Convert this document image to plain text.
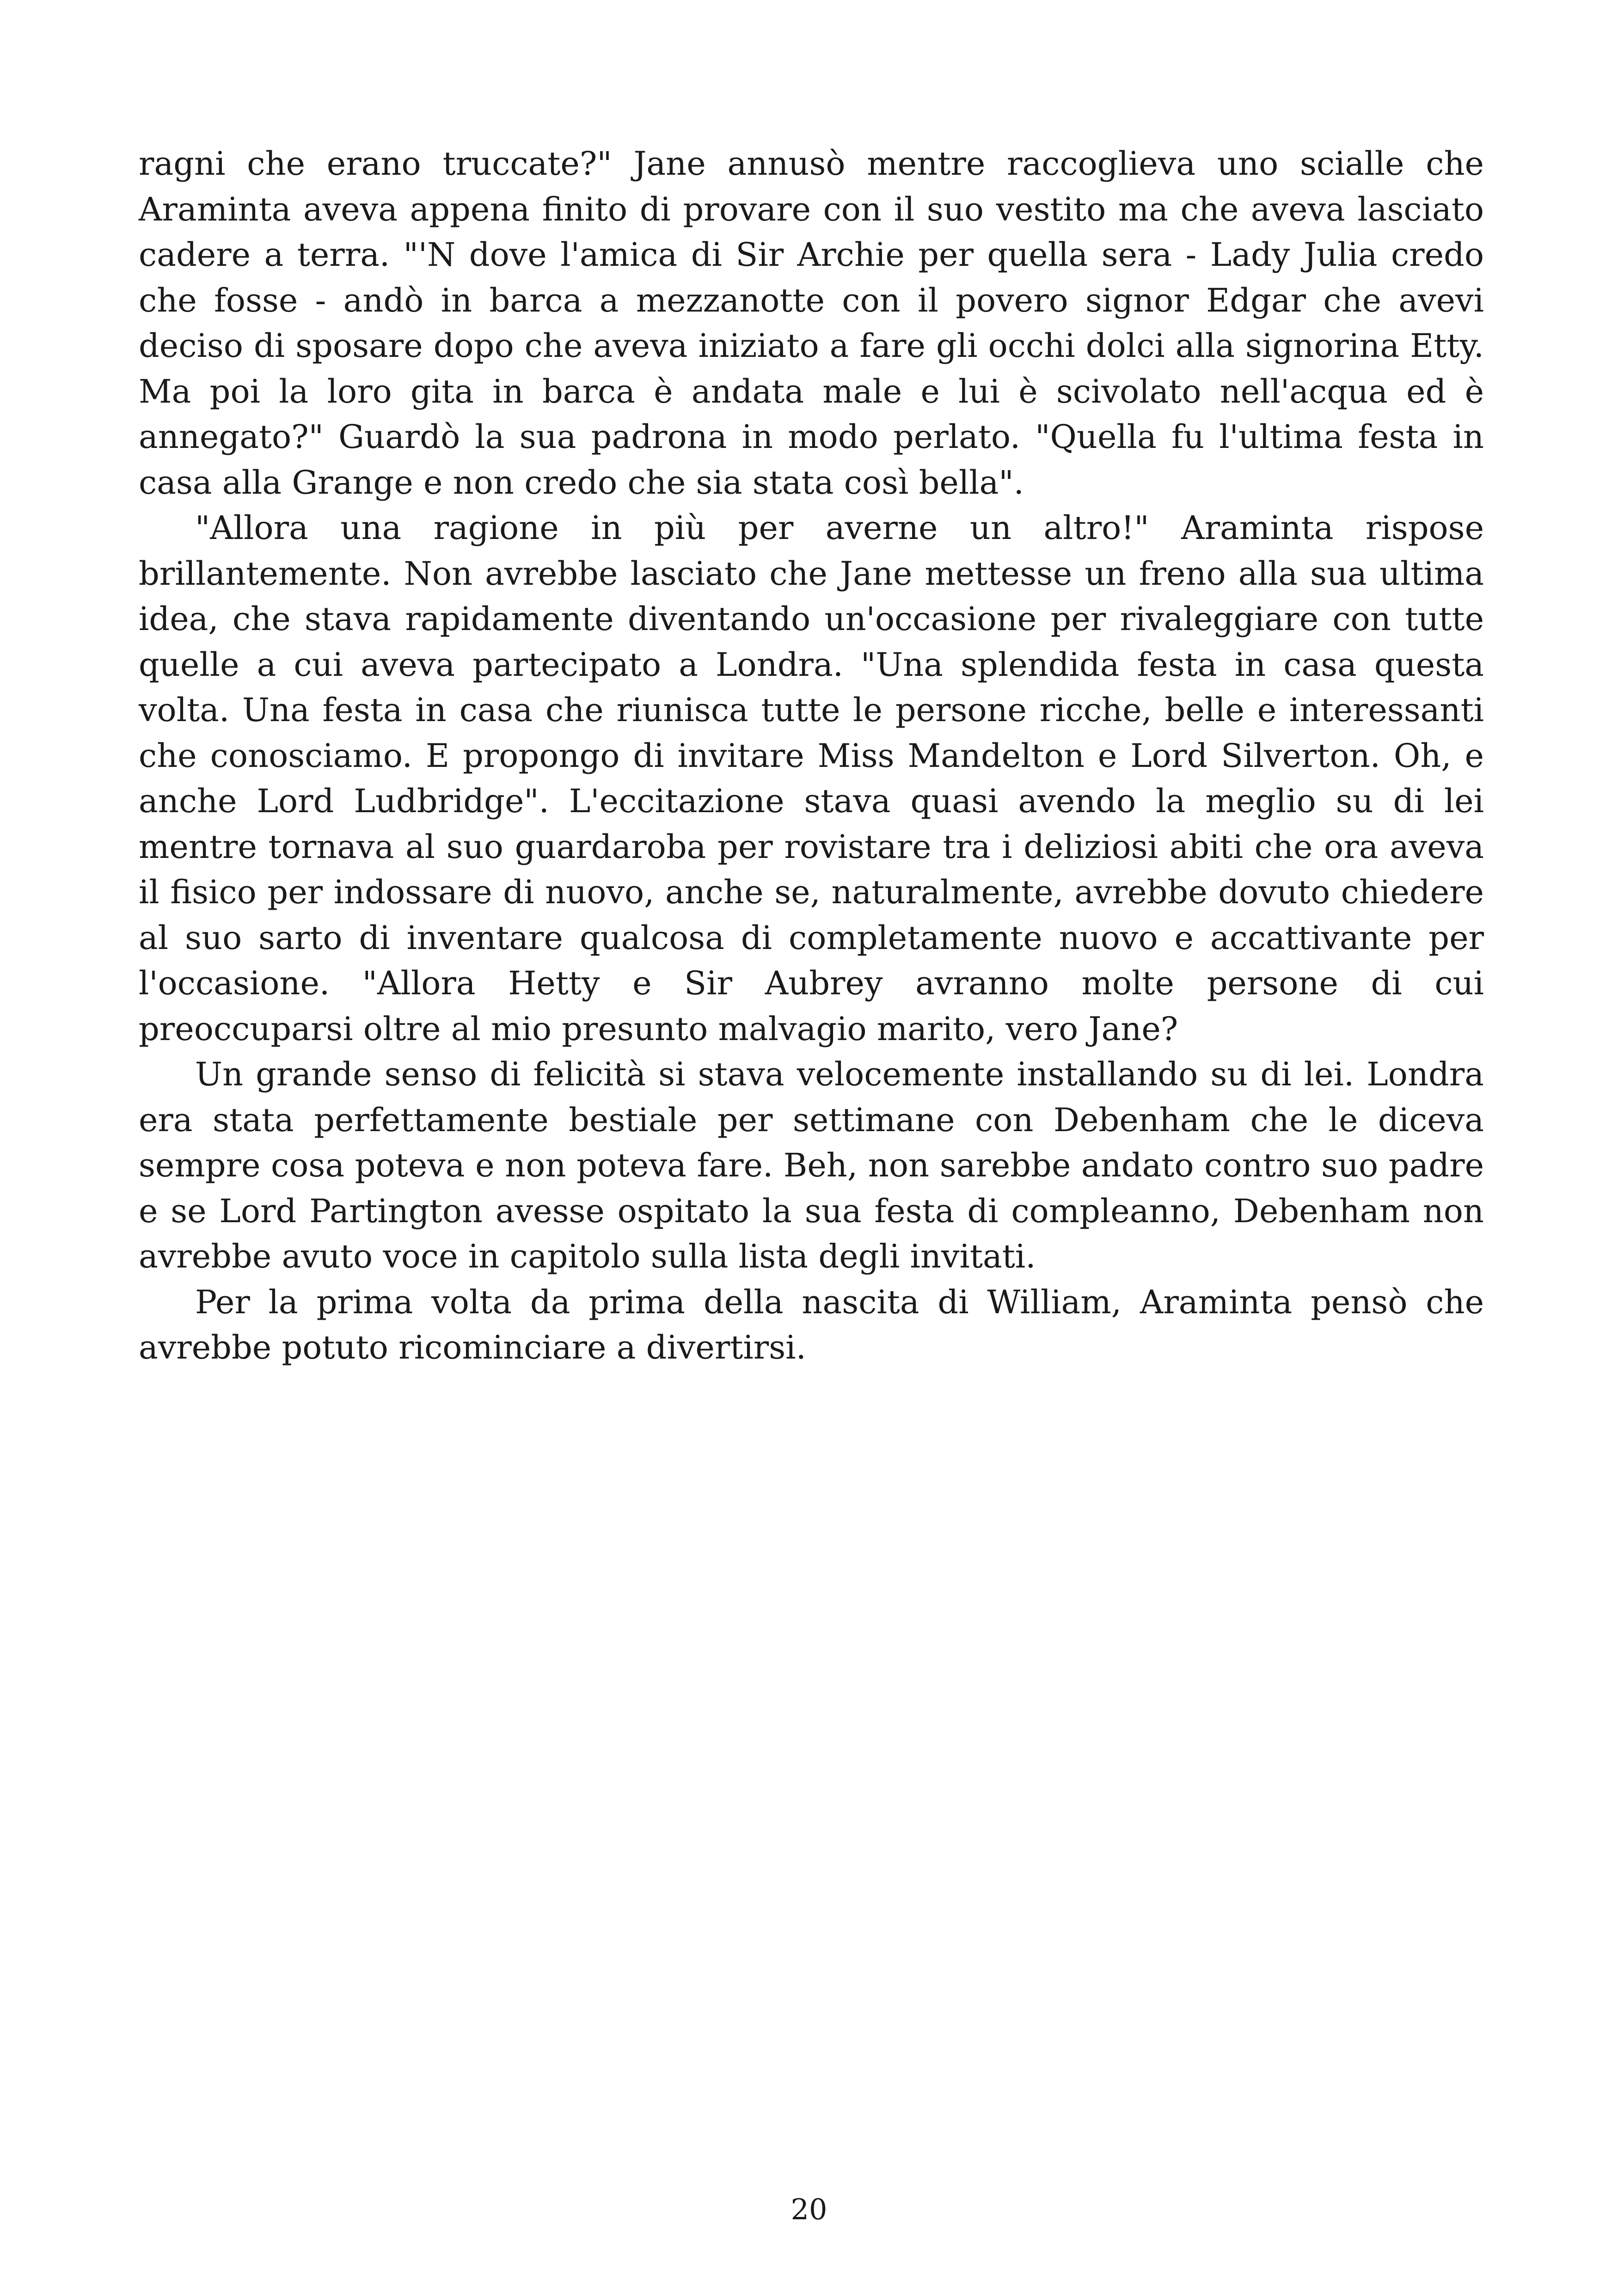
ragni che erano truccate?" Jane annusò mentre raccoglieva uno scialle che Araminta aveva appena finito di provare con il suo vestito ma che aveva lasciato cadere a terra. "'N dove l'amica di Sir Archie per quella sera - Lady Julia credo che fosse - andò in barca a mezzanotte con il povero signor Edgar che avevi deciso di sposare dopo che aveva iniziato a fare gli occhi dolci alla signorina Etty. Ma poi la loro gita in barca è andata male e lui è scivolato nell'acqua ed è annegato?" Guardò la sua padrona in modo perlato. "Quella fu l'ultima festa in casa alla Grange e non credo che sia stata così bella".

"Allora una ragione in più per averne un altro!" Araminta rispose brillantemente. Non avrebbe lasciato che Jane mettesse un freno alla sua ultima idea, che stava rapidamente diventando un'occasione per rivaleggiare con tutte quelle a cui aveva partecipato a Londra. "Una splendida festa in casa questa volta. Una festa in casa che riunisca tutte le persone ricche, belle e interessanti che conosciamo. E propongo di invitare Miss Mandelton e Lord Silverton. Oh, e anche Lord Ludbridge". L'eccitazione stava quasi avendo la meglio su di lei mentre tornava al suo guardaroba per rovistare tra i deliziosi abiti che ora aveva il fisico per indossare di nuovo, anche se, naturalmente, avrebbe dovuto chiedere al suo sarto di inventare qualcosa di completamente nuovo e accattivante per l'occasione. "Allora Hetty e Sir Aubrey avranno molte persone di cui preoccuparsi oltre al mio presunto malvagio marito, vero Jane?

Un grande senso di felicità si stava velocemente installando su di lei. Londra era stata perfettamente bestiale per settimane con Debenham che le diceva sempre cosa poteva e non poteva fare. Beh, non sarebbe andato contro suo padre e se Lord Partington avesse ospitato la sua festa di compleanno, Debenham non avrebbe avuto voce in capitolo sulla lista degli invitati.

Per la prima volta da prima della nascita di William, Araminta pensò che avrebbe potuto ricominciare a divertirsi.

20
